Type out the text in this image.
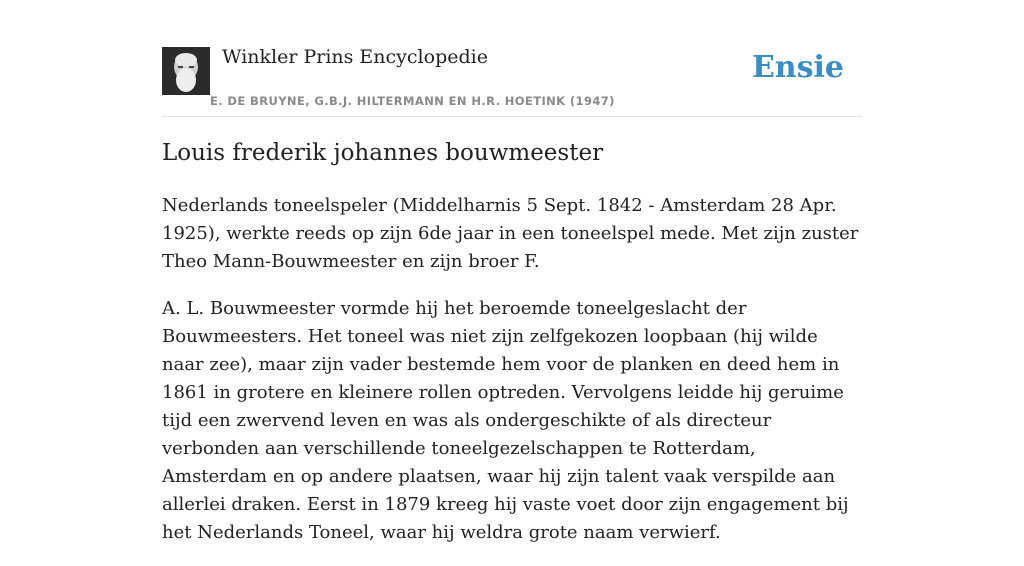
Winkler Prins Encyclopedie
E. DE BRUYNE, G.B.J. HILTERMANN EN H.R. HOETINK (1947)
Ensie
Louis frederik johannes bouwmeester

Nederlands toneelspeler (Middelharnis 5 Sept. 1842 - Amsterdam 28 Apr. 1925), werkte reeds op zijn 6de jaar in een toneelspel mede. Met zijn zuster Theo Mann-Bouwmeester en zijn broer F.

A. L. Bouwmeester vormde hij het beroemde toneelgeslacht der Bouwmeesters. Het toneel was niet zijn zelfgekozen loopbaan (hij wilde naar zee), maar zijn vader bestemde hem voor de planken en deed hem in 1861 in grotere en kleinere rollen optreden. Vervolgens leidde hij geruime tijd een zwervend leven en was als ondergeschikte of als directeur verbonden aan verschillende toneelgezelschappen te Rotterdam, Amsterdam en op andere plaatsen, waar hij zijn talent vaak verspilde aan allerlei draken. Eerst in 1879 kreeg hij vaste voet door zijn engagement bij het Nederlands Toneel, waar hij weldra grote naam verwierf.
